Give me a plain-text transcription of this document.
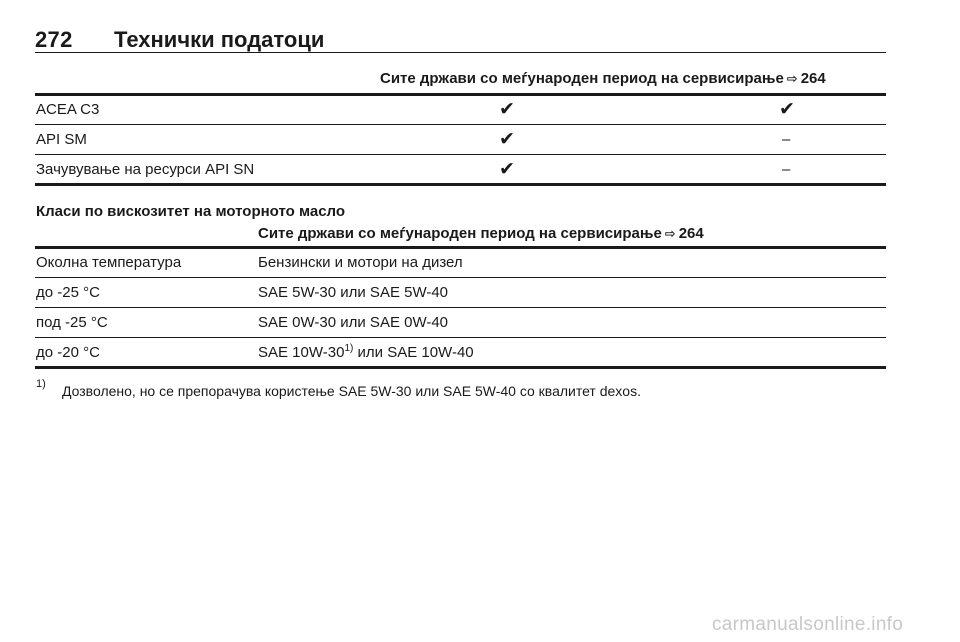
272 Технички податоци
Сите држави со меѓународен период на сервисирање ⇨ 264
ACEA C3	✔	✔
API SM	✔	–
Зачувување на ресурси API SN	✔	–
Класи по вискозитет на моторното масло
Сите држави со меѓународен период на сервисирање ⇨ 264
Околна температура	Бензински и мотори на дизел
до -25 °C	SAE 5W-30 или SAE 5W-40
под -25 °C	SAE 0W-30 или SAE 0W-40
до -20 °C	SAE 10W-30$^{1)}$ или SAE 10W-40
1) Дозволено, но се препорачува користење SAE 5W-30 или SAE 5W-40 со квалитет dexos.
carmanualsonline.info
